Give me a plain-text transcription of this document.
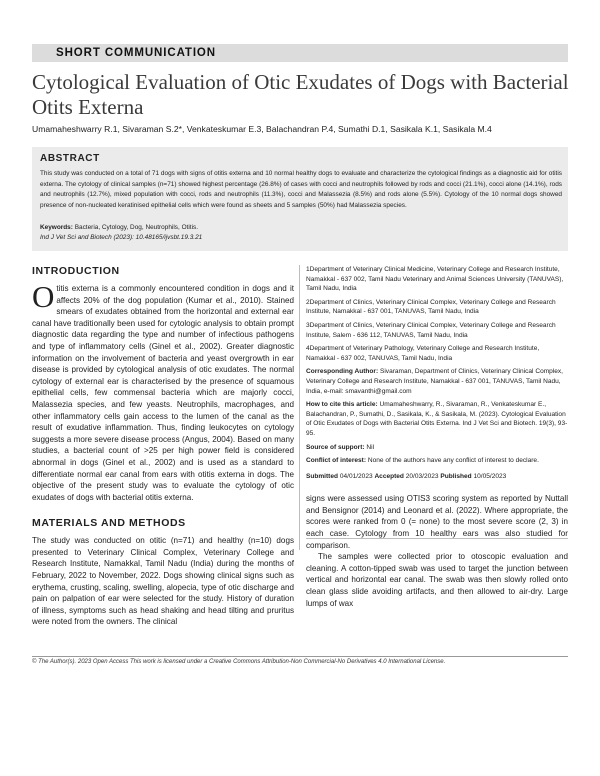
SHORT COMMUNICATION
Cytological Evaluation of Otic Exudates of Dogs with Bacterial Otits Externa
Umamaheshwarry R.1, Sivaraman S.2*, Venkateskumar E.3, Balachandran P.4, Sumathi D.1, Sasikala K.1, Sasikala M.4
ABSTRACT
This study was conducted on a total of 71 dogs with signs of otitis externa and 10 normal healthy dogs to evaluate and characterize the cytological findings as a diagnostic aid for otitis externa. The cytology of clinical samples (n=71) showed highest percentage (26.8%) of cases with cocci and neutrophils followed by rods and cocci (21.1%), cocci alone (14.1%), rods and neutrophils (12.7%), mixed population with cocci, rods and neutrophils (11.3%), cocci and Malassezia (8.5%) and rods alone (5.5%). Cytology of the 10 normal dogs showed presence of non-nucleated keratinised epithelial cells which were found as sheets and 5 samples (50%) had Malassezia species.
Keywords: Bacteria, Cytology, Dog, Neutrophils, Otitis.
Ind J Vet Sci and Biotech (2023): 10.48165/ijvsbt.19.3.21
INTRODUCTION
O titis externa is a commonly encountered condition in dogs and it affects 20% of the dog population (Kumar et al., 2010). Stained smears of exudates obtained from the horizontal and external ear canal have traditionally been used for cytologic analysis to obtain prompt diagnostic data regarding the type and number of infectious pathogens and type of inflammatory cells (Ginel et al., 2002). Greater diagnostic information on the involvement of bacteria and yeast overgrowth in ear disease is provided by cytological analysis of otic exudates. The normal cytology of external ear is characterised by the presence of squamous epithelial cells, few commensal bacteria which are majorly cocci, Malassezia species, and few yeasts. Neutrophils, macrophages, and other inflammatory cells gain access to the lumen of the canal as the result of exudative inflammation. Thus, finding leukocytes on cytology suggests a more severe disease process (Angus, 2004). Based on many studies, a bacterial count of >25 per high power field is considered abnormal in dogs (Ginel et al., 2002) and is used as a standard to differentiate normal ear canal from ears with otitis externa in dogs. The objective of the present study was to evaluate the cytology of otic exudates of dogs with bacterial otitis externa.
MATERIALS AND METHODS
The study was conducted on otitic (n=71) and healthy (n=10) dogs presented to Veterinary Clinical Complex, Veterinary College and Research Institute, Namakkal, Tamil Nadu (India) during the months of February, 2022 to November, 2022. Dogs showing clinical signs such as erythema, crusting, scaling, swelling, alopecia, type of otic discharge and pain on palpation of ear were selected for the study. History of duration of illness, symptoms such as head shaking and head tilting and pruritus were noted from the owners. The clinical

1Department of Veterinary Clinical Medicine, Veterinary College and Research Institute, Namakkal - 637 002, Tamil Nadu Veterinary and Animal Sciences University (TANUVAS), Tamil Nadu, India

2Department of Clinics, Veterinary Clinical Complex, Veterinary College and Research Institute, Namakkal - 637 001, TANUVAS, Tamil Nadu, India

3Department of Clinics, Veterinary Clinical Complex, Veterinary College and Research Institute, Salem - 636 112, TANUVAS, Tamil Nadu, India

4Department of Veterinary Pathology, Veterinary College and Research Institute, Namakkal - 637 002, TANUVAS, Tamil Nadu, India

Corresponding Author: Sivaraman, Department of Clinics, Veterinary Clinical Complex, Veterinary College and Research Institute, Namakkal - 637 001, TANUVAS, Tamil Nadu, India, e-mail: smavanthi@gmail.com

How to cite this article: Umamaheshwarry, R., Sivaraman, R., Venkateskumar E., Balachandran, P., Sumathi, D., Sasikala, K., & Sasikala, M. (2023). Cytological Evaluation of Otic Exudates of Dogs with Bacterial Otits Externa. Ind J Vet Sci and Biotech. 19(3), 93-95.

Source of support: Nil

Conflict of interest: None of the authors have any conflict of interest to declare.

Submitted 04/01/2023 Accepted 20/03/2023 Published 10/05/2023

signs were assessed using OTIS3 scoring system as reported by Nuttall and Bensignor (2014) and Leonard et al. (2022). Where appropriate, the scores were ranked from 0 (= none) to the most severe score (2, 3) in each case. Cytology from 10 healthy ears was also studied for comparison.
The samples were collected prior to otoscopic evaluation and cleaning. A cotton-tipped swab was used to target the junction between vertical and horizontal ear canal. The swab was then slowly rolled onto clean glass slide avoiding artifacts, and then allowed to air-dry. Large lumps of wax
© The Author(s). 2023 Open Access This work is licensed under a Creative Commons Attribution-Non Commercial-No Derivatives 4.0 International License.
